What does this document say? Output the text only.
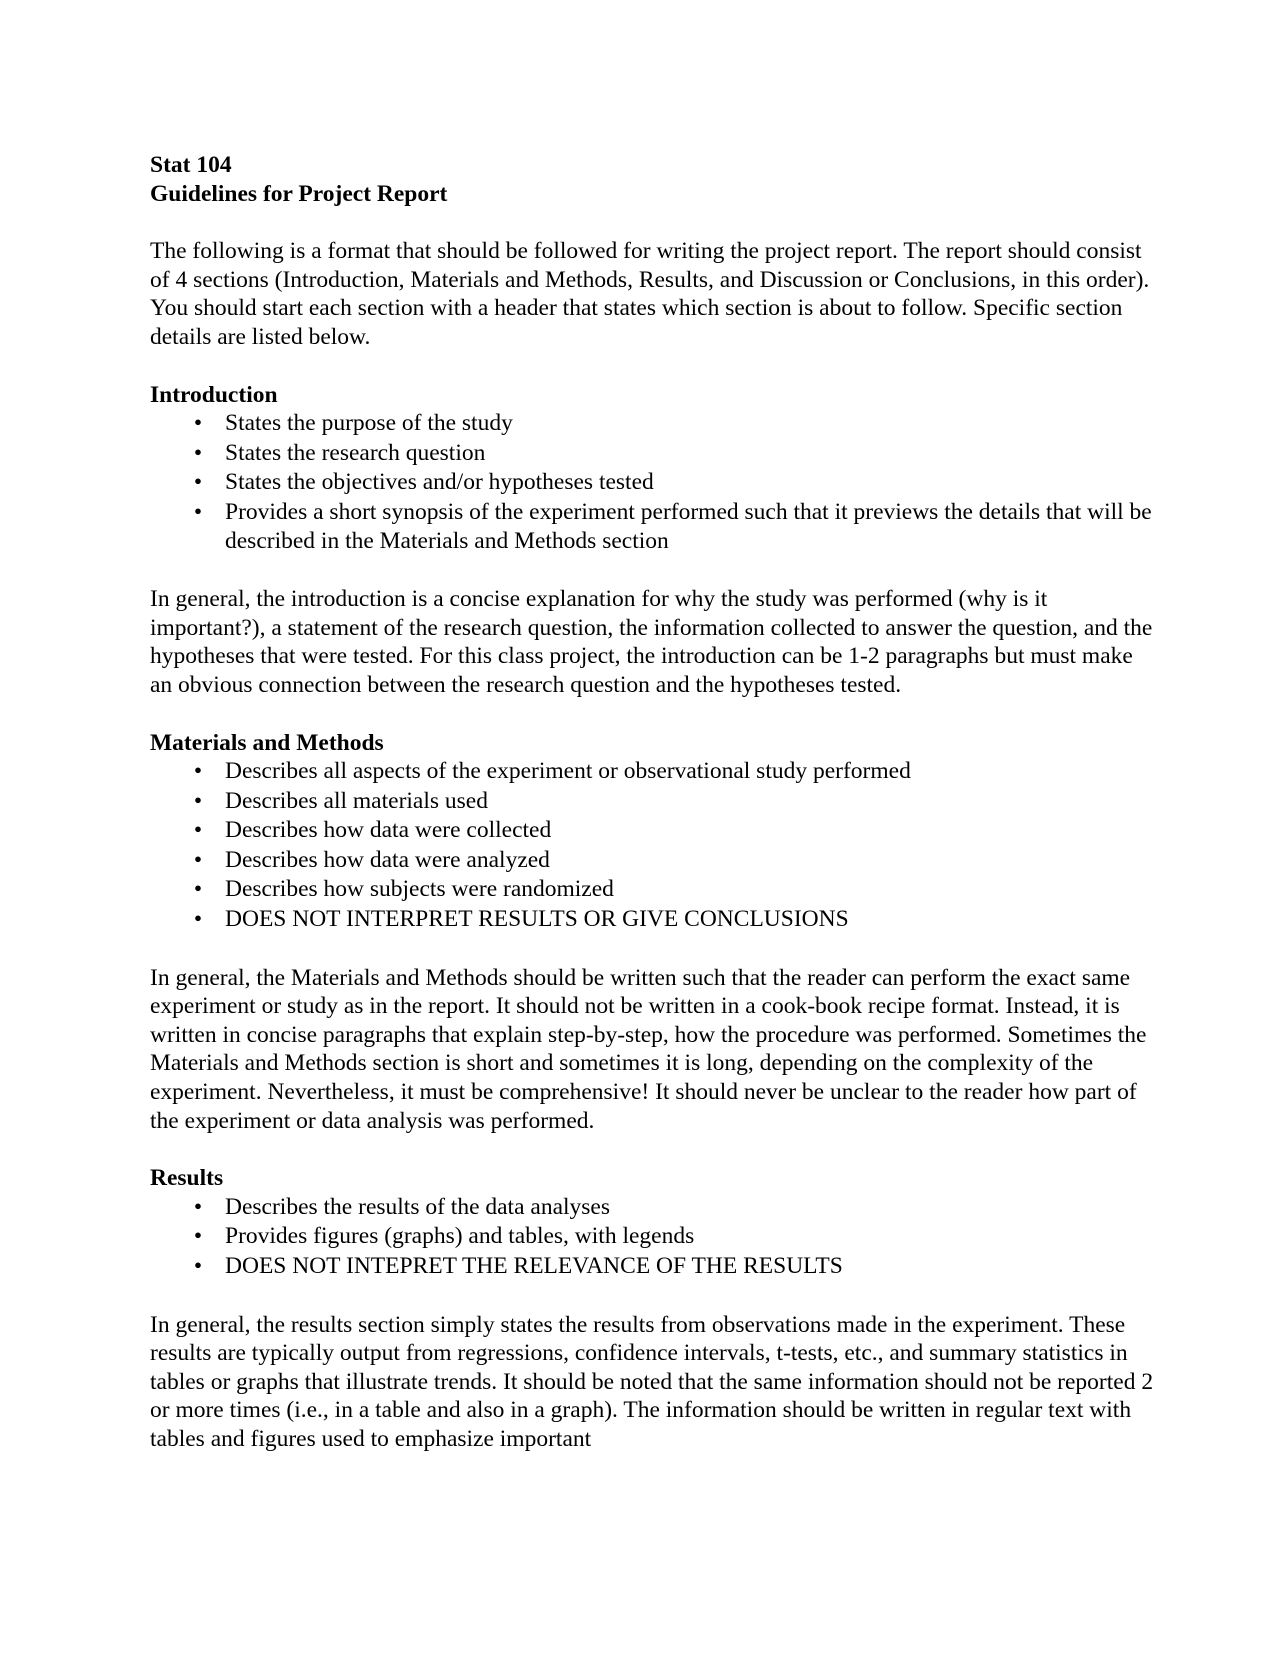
Stat 104

Guidelines for Project Report

The following is a format that should be followed for writing the project report. The report should consist of 4 sections (Introduction, Materials and Methods, Results, and Discussion or Conclusions, in this order). You should start each section with a header that states which section is about to follow. Specific section details are listed below.

Introduction
• States the purpose of the study
• States the research question
• States the objectives and/or hypotheses tested
• Provides a short synopsis of the experiment performed such that it previews the details that will be described in the Materials and Methods section

In general, the introduction is a concise explanation for why the study was performed (why is it important?), a statement of the research question, the information collected to answer the question, and the hypotheses that were tested. For this class project, the introduction can be 1-2 paragraphs but must make an obvious connection between the research question and the hypotheses tested.

Materials and Methods
• Describes all aspects of the experiment or observational study performed
• Describes all materials used
• Describes how data were collected
• Describes how data were analyzed
• Describes how subjects were randomized
• DOES NOT INTERPRET RESULTS OR GIVE CONCLUSIONS

In general, the Materials and Methods should be written such that the reader can perform the exact same experiment or study as in the report. It should not be written in a cook-book recipe format. Instead, it is written in concise paragraphs that explain step-by-step, how the procedure was performed. Sometimes the Materials and Methods section is short and sometimes it is long, depending on the complexity of the experiment. Nevertheless, it must be comprehensive! It should never be unclear to the reader how part of the experiment or data analysis was performed.

Results
• Describes the results of the data analyses
• Provides figures (graphs) and tables, with legends
• DOES NOT INTEPRET THE RELEVANCE OF THE RESULTS

In general, the results section simply states the results from observations made in the experiment. These results are typically output from regressions, confidence intervals, t-tests, etc., and summary statistics in tables or graphs that illustrate trends. It should be noted that the same information should not be reported 2 or more times (i.e., in a table and also in a graph). The information should be written in regular text with tables and figures used to emphasize important
